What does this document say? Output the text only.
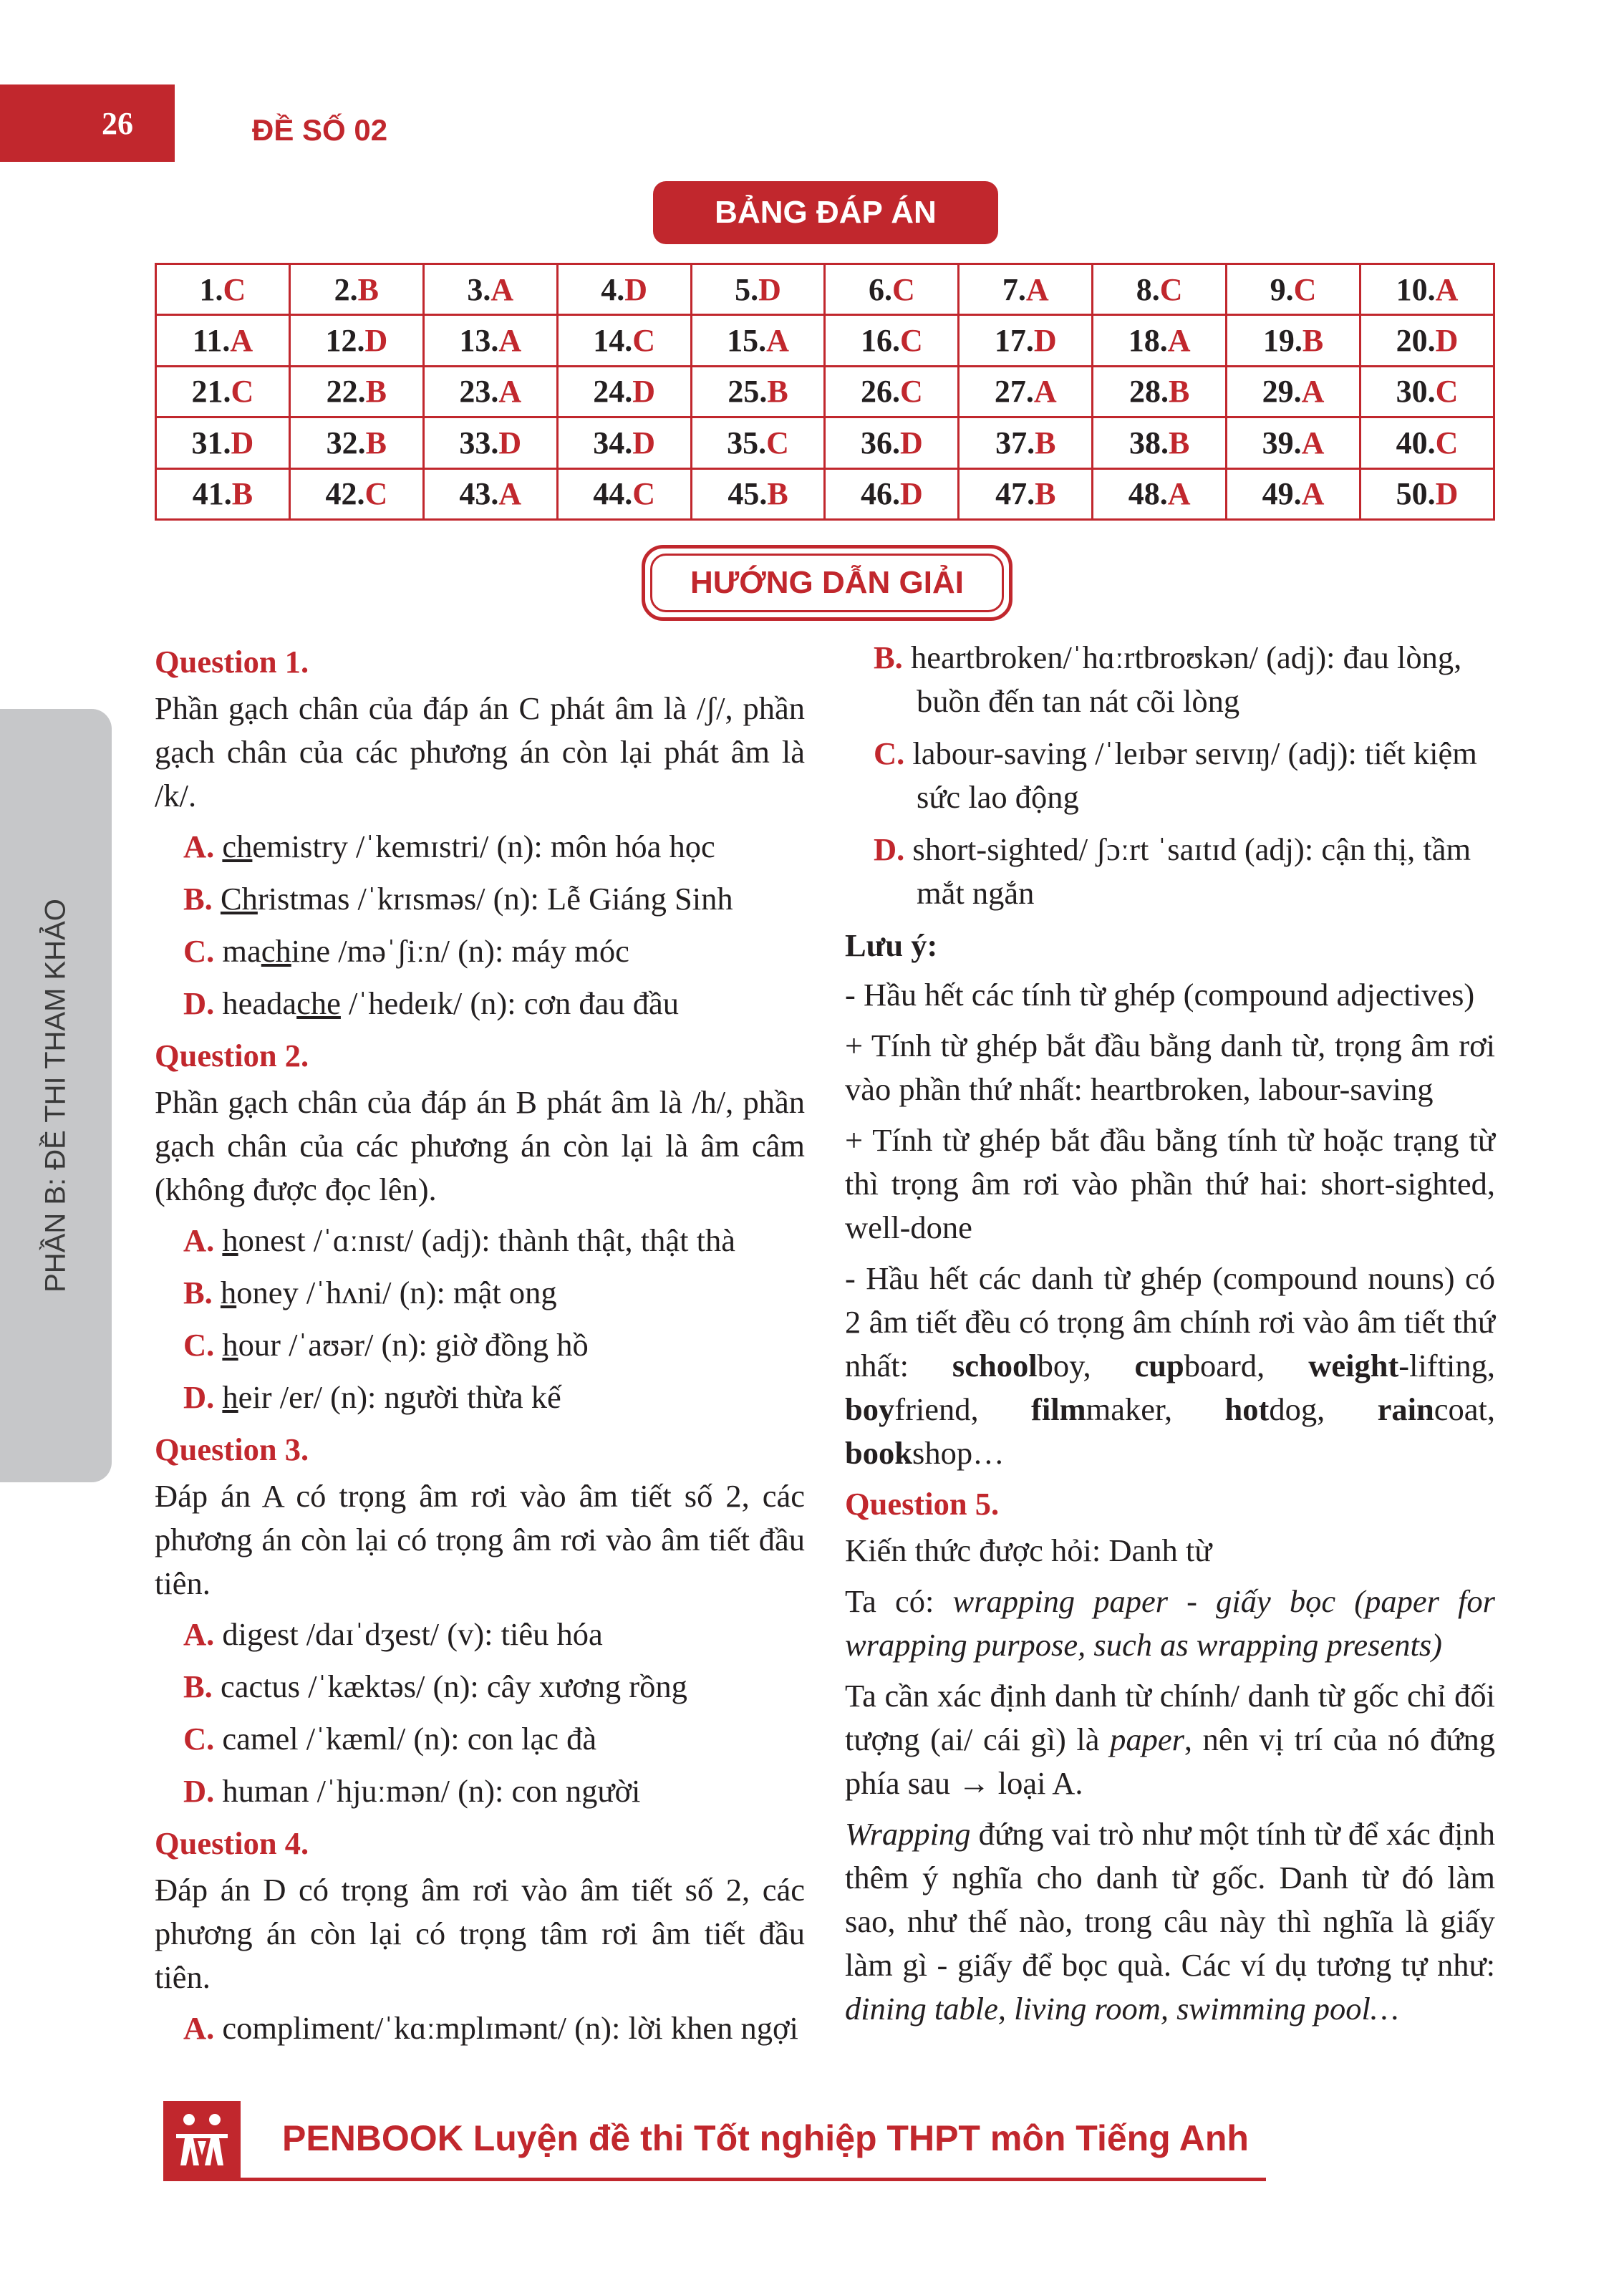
26	ĐỀ SỐ 02
BẢNG ĐÁP ÁN
1.C	2.B	3.A	4.D	5.D	6.C	7.A	8.C	9.C	10.A
11.A	12.D	13.A	14.C	15.A	16.C	17.D	18.A	19.B	20.D
21.C	22.B	23.A	24.D	25.B	26.C	27.A	28.B	29.A	30.C
31.D	32.B	33.D	34.D	35.C	36.D	37.B	38.B	39.A	40.C
41.B	42.C	43.A	44.C	45.B	46.D	47.B	48.A	49.A	50.D
HƯỚNG DẪN GIẢI
PHẦN B: ĐỀ THI THAM KHẢO
Question 1.
Phần gạch chân của đáp án C phát âm là /ʃ/, phần gạch chân của các phương án còn lại phát âm là /k/.
A. chemistry /ˈkemɪstri/ (n): môn hóa học
B. Christmas /ˈkrɪsməs/ (n): Lễ Giáng Sinh
C. machine /məˈʃiːn/ (n): máy móc
D. headаche /ˈhedeɪk/ (n): cơn đau đầu
Question 2.
Phần gạch chân của đáp án B phát âm là /h/, phần gạch chân của các phương án còn lại là âm câm (không được đọc lên).
A. honest /ˈɑːnɪst/ (adj): thành thật, thật thà
B. honey /ˈhʌni/ (n): mật ong
C. hour /ˈaʊər/ (n): giờ đồng hồ
D. heir /er/ (n): người thừa kế
Question 3.
Đáp án A có trọng âm rơi vào âm tiết số 2, các phương án còn lại có trọng âm rơi vào âm tiết đầu tiên.
A. digest /daɪˈdʒest/ (v): tiêu hóa
B. cactus /ˈkæktəs/ (n): cây xương rồng
C. camel /ˈkæml/ (n): con lạc đà
D. human /ˈhjuːmən/ (n): con người
Question 4.
Đáp án D có trọng âm rơi vào âm tiết số 2, các phương án còn lại có trọng tâm rơi âm tiết đầu tiên.
A. compliment/ˈkɑːmplɪmənt/ (n): lời khen ngợi
B. heartbroken/ˈhɑːrtbroʊkən/ (adj): đau lòng, buồn đến tan nát cõi lòng
C. labour-saving /ˈleɪbər seɪvɪŋ/ (adj): tiết kiệm sức lao động
D. short-sighted/ ʃɔːrt ˈsaɪtɪd (adj): cận thị, tầm mắt ngắn
Lưu ý:
- Hầu hết các tính từ ghép (compound adjectives)
+ Tính từ ghép bắt đầu bằng danh từ, trọng âm rơi vào phần thứ nhất: heartbroken, labour-saving
+ Tính từ ghép bắt đầu bằng tính từ hoặc trạng từ thì trọng âm rơi vào phần thứ hai: short-sighted, well-done
- Hầu hết các danh từ ghép (compound nouns) có 2 âm tiết đều có trọng âm chính rơi vào âm tiết thứ nhất: schoolboy, cupboard, weight-lifting, boyfriend, filmmaker, hotdog, raincoat, bookshop…
Question 5.
Kiến thức được hỏi: Danh từ
Ta có: wrapping paper - giấy bọc (paper for wrapping purpose, such as wrapping presents)
Ta cần xác định danh từ chính/ danh từ gốc chỉ đối tượng (ai/ cái gì) là paper, nên vị trí của nó đứng phía sau → loại A.
Wrapping đứng vai trò như một tính từ để xác định thêm ý nghĩa cho danh từ gốc. Danh từ đó làm sao, như thế nào, trong câu này thì nghĩa là giấy làm gì - giấy để bọc quà. Các ví dụ tương tự như: dining table, living room, swimming pool…
PENBOOK Luyện đề thi Tốt nghiệp THPT môn Tiếng Anh
